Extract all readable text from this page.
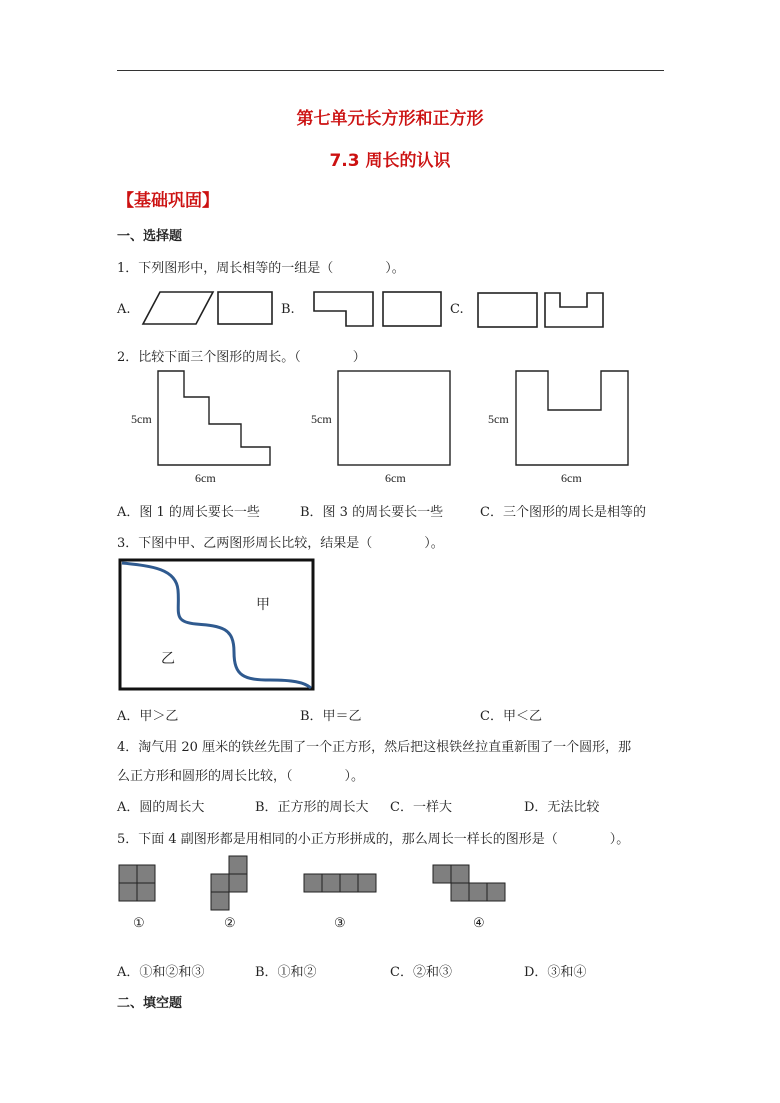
第七单元长方形和正方形
7.3 周长的认识
【基础巩固】
一、选择题
1．下列图形中，周长相等的一组是（　　　　）。
A.	B.	C.
2．比较下面三个图形的周长。（　　　　）
5cm
6cm
5cm
6cm
5cm
6cm
A．图 1 的周长要长一些	B．图 3 的周长要长一些	C．三个图形的周长是相等的
3．下图中甲、乙两图形周长比较，结果是（　　　　）。
甲
乙
A．甲＞乙	B．甲＝乙	C．甲＜乙
4．淘气用 20 厘米的铁丝先围了一个正方形，然后把这根铁丝拉直重新围了一个圆形，那
么正方形和圆形的周长比较，（　　　　）。
A．圆的周长大	B．正方形的周长大 C．一样大	D．无法比较
5．下面 4 副图形都是用相同的小正方形拼成的，那么周长一样长的图形是（　　　　）。
①	②	③	④
A．①和②和③	B．①和②	C．②和③	D．③和④
二、填空题
